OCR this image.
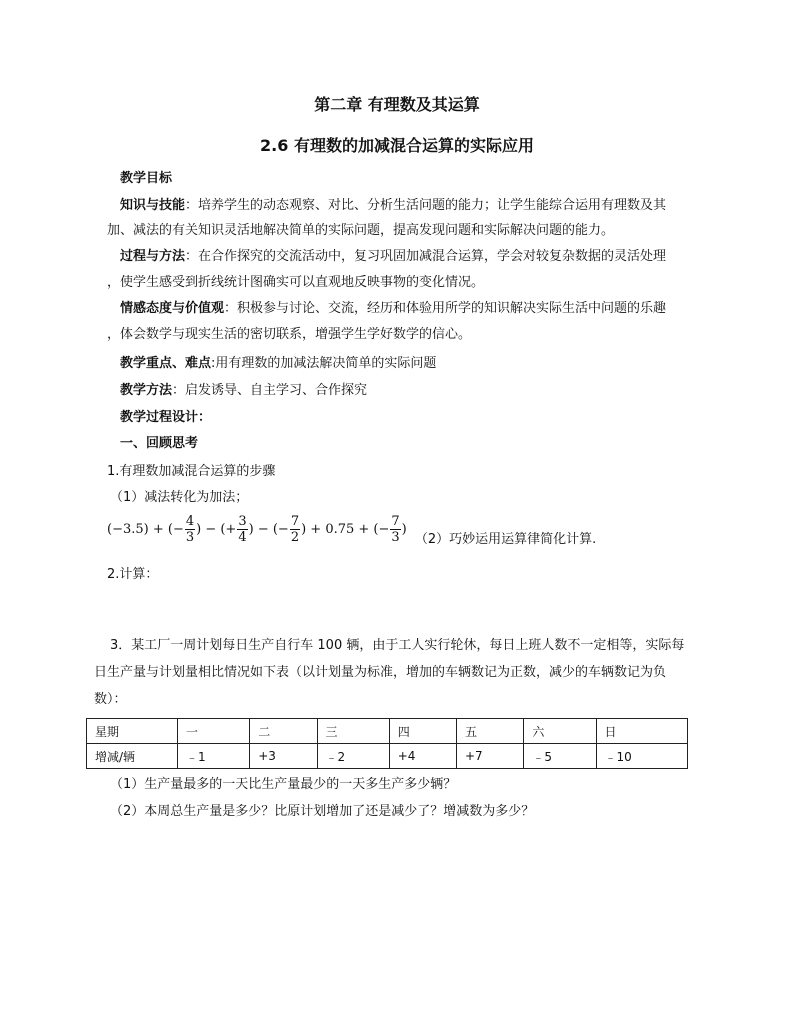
第二章 有理数及其运算
2.6 有理数的加减混合运算的实际应用
教学目标
知识与技能：培养学生的动态观察、对比、分析生活问题的能力；让学生能综合运用有理数及其
加、减法的有关知识灵活地解决简单的实际问题，提高发现问题和实际解决问题的能力。
过程与方法：在合作探究的交流活动中，复习巩固加减混合运算，学会对较复杂数据的灵活处理
，使学生感受到折线统计图确实可以直观地反映事物的变化情况。
情感态度与价值观：积极参与讨论、交流，经历和体验用所学的知识解决实际生活中问题的乐趣
，体会数学与现实生活的密切联系，增强学生学好数学的信心。
教学重点、难点:用有理数的加减法解决简单的实际问题
教学方法：启发诱导、自主学习、合作探究
教学过程设计：
一、回顾思考
1.有理数加减混合运算的步骤
（1）减法转化为加法；
(−3.5) + (− $\frac{4}{3}$ ) − (+ $\frac{3}{4}$ ) − (− $\frac{7}{2}$ ) + 0.75 + (− $\frac{7}{3}$ ) （2）巧妙运用运算律简化计算.
2.计算：
3．某工厂一周计划每日生产自行车 100 辆，由于工人实行轮休，每日上班人数不一定相等，实际每
日生产量与计划量相比情况如下表（以计划量为标准，增加的车辆数记为正数，减少的车辆数记为负
数）：
星期	一	二	三	四	五	六	日
增减/辆	﹣1	+3	﹣2	+4	+7	﹣5	﹣10
（1）生产量最多的一天比生产量最少的一天多生产多少辆？
（2）本周总生产量是多少？比原计划增加了还是减少了？增减数为多少？
